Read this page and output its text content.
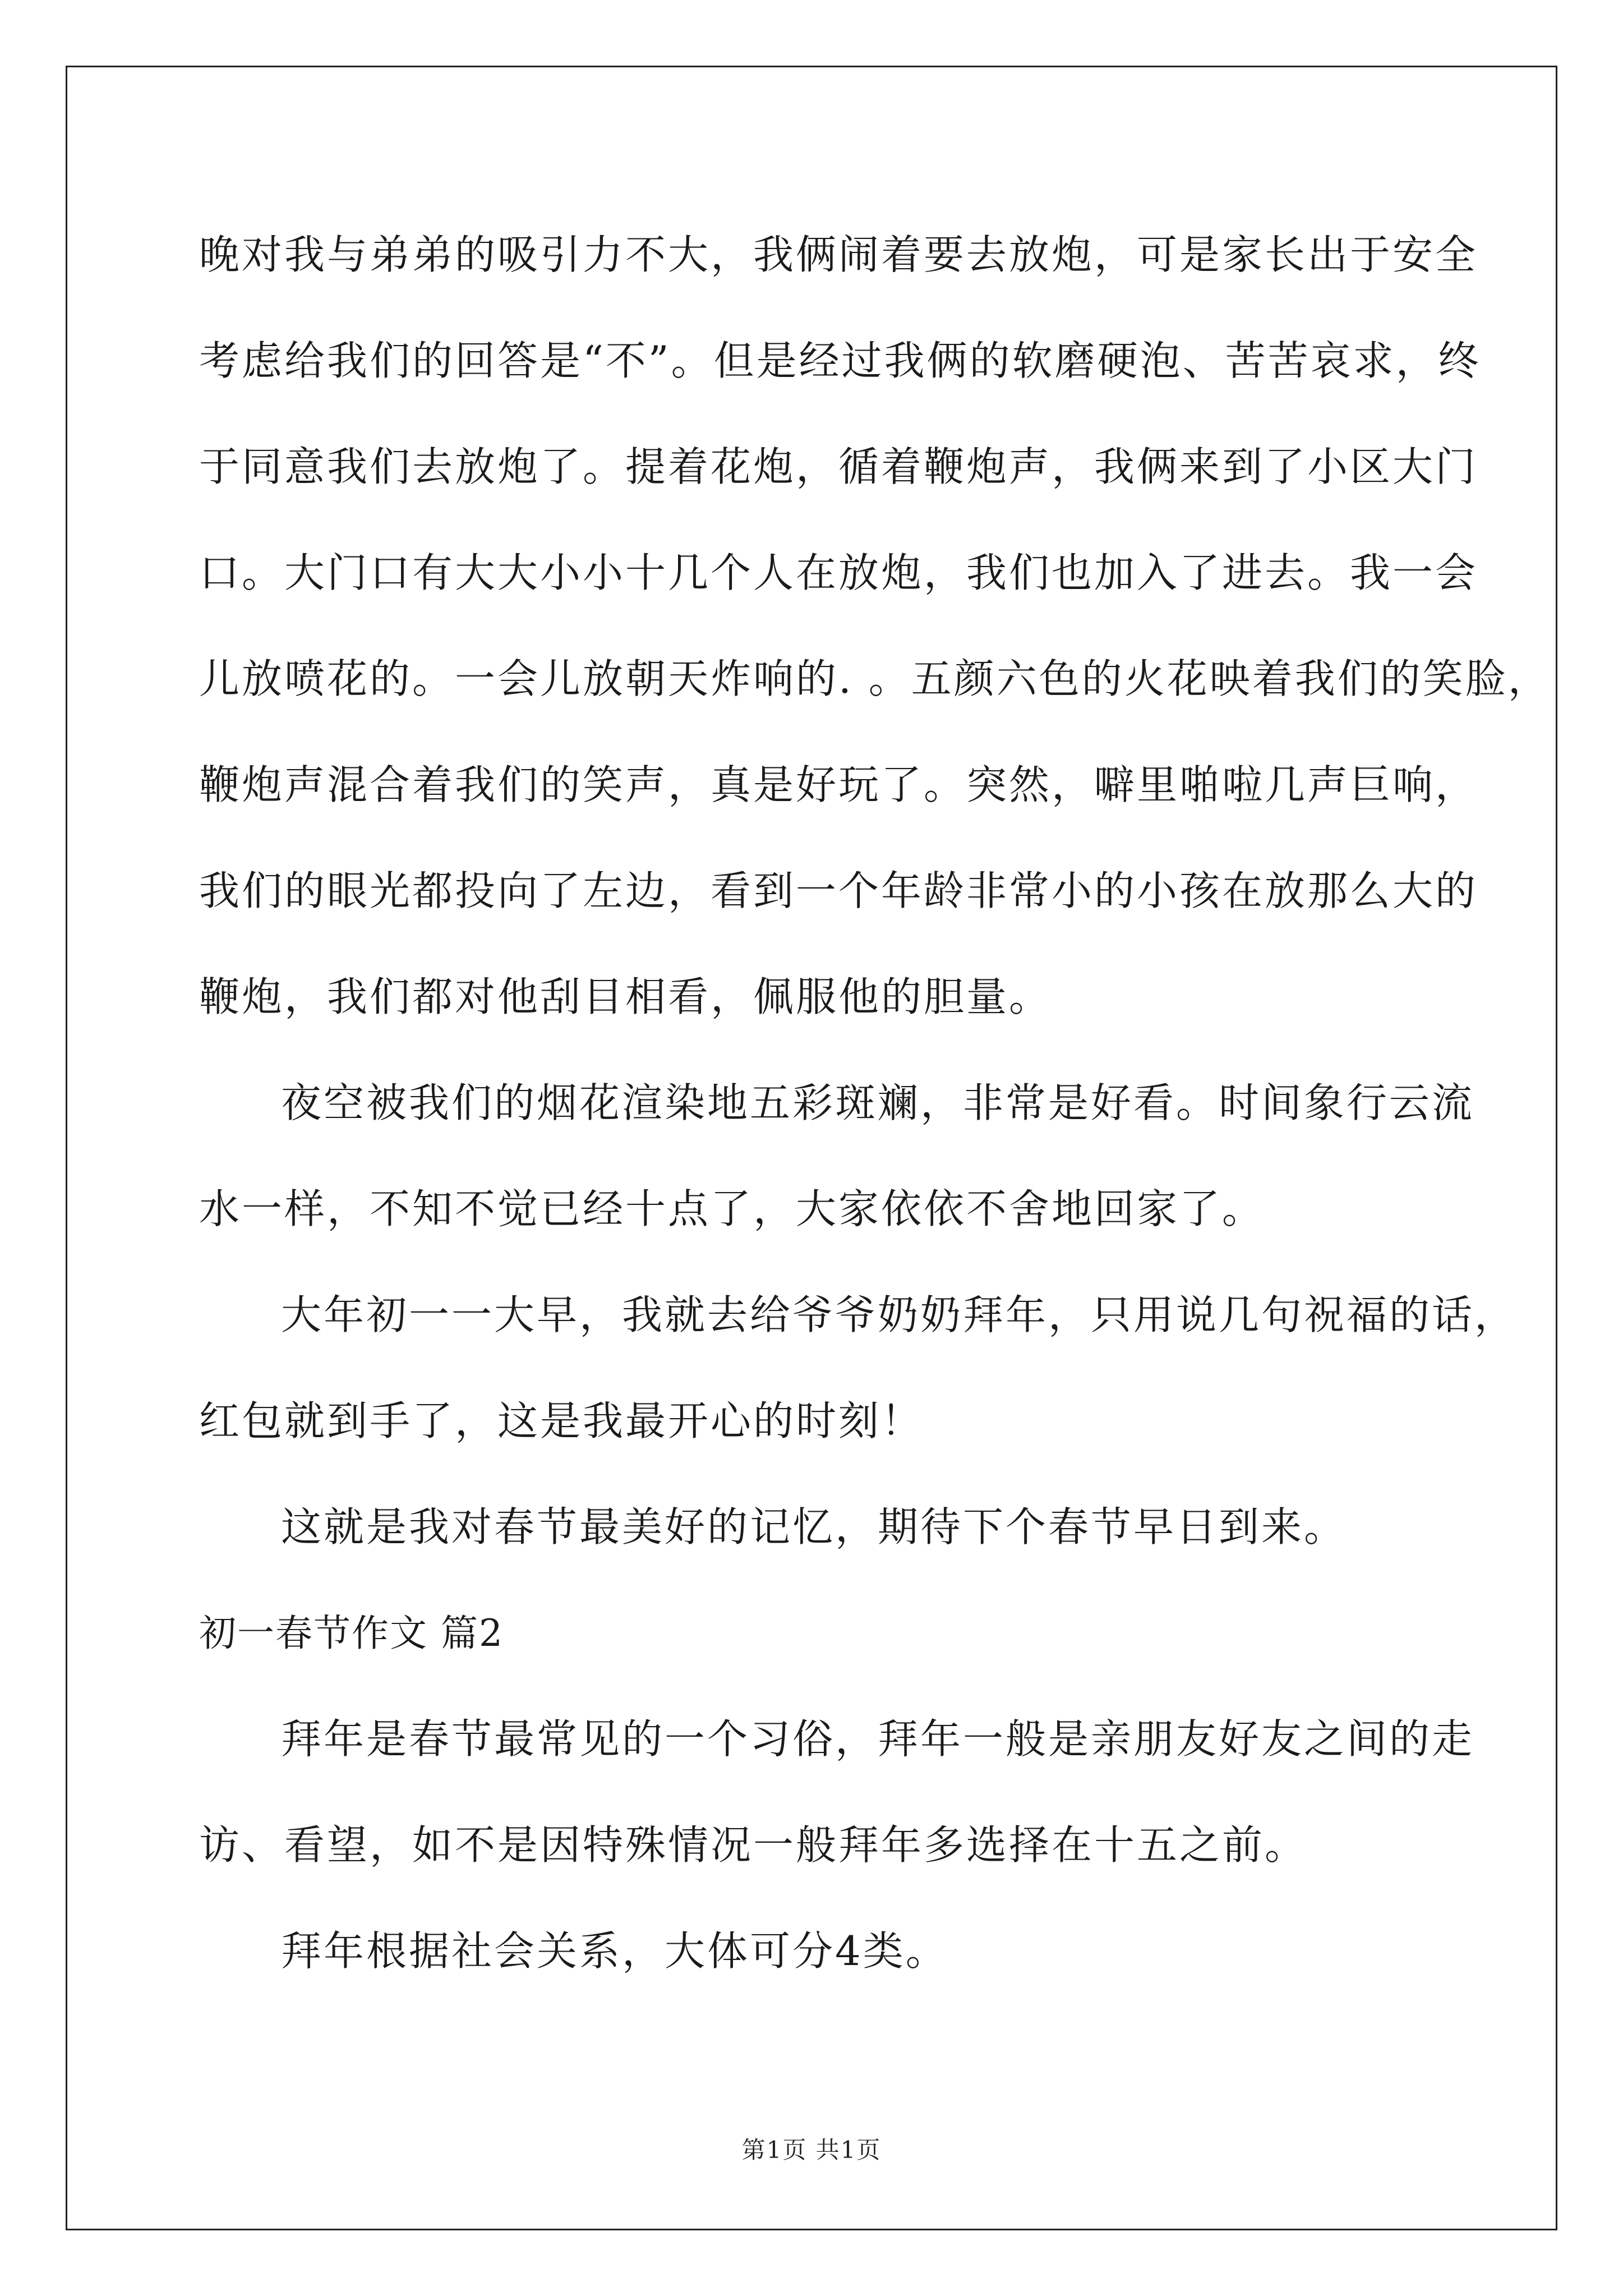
晚对我与弟弟的吸引力不大，我俩闹着要去放炮，可是家长出于安全
考虑给我们的回答是“不”。但是经过我俩的软磨硬泡、苦苦哀求，终
于同意我们去放炮了。提着花炮，循着鞭炮声，我俩来到了小区大门
口。大门口有大大小小十几个人在放炮，我们也加入了进去。我一会
儿放喷花的。一会儿放朝天炸响的. 。五颜六色的火花映着我们的笑脸，
鞭炮声混合着我们的笑声，真是好玩了。突然，噼里啪啦几声巨响，
我们的眼光都投向了左边，看到一个年龄非常小的小孩在放那么大的
鞭炮，我们都对他刮目相看，佩服他的胆量。
夜空被我们的烟花渲染地五彩斑斓，非常是好看。时间象行云流
水一样，不知不觉已经十点了，大家依依不舍地回家了。
大年初一一大早，我就去给爷爷奶奶拜年，只用说几句祝福的话，
红包就到手了，这是我最开心的时刻！
这就是我对春节最美好的记忆，期待下个春节早日到来。
初一春节作文 篇2
拜年是春节最常见的一个习俗，拜年一般是亲朋友好友之间的走
访、看望，如不是因特殊情况一般拜年多选择在十五之前。
拜年根据社会关系，大体可分4类。
第1页 共1页
